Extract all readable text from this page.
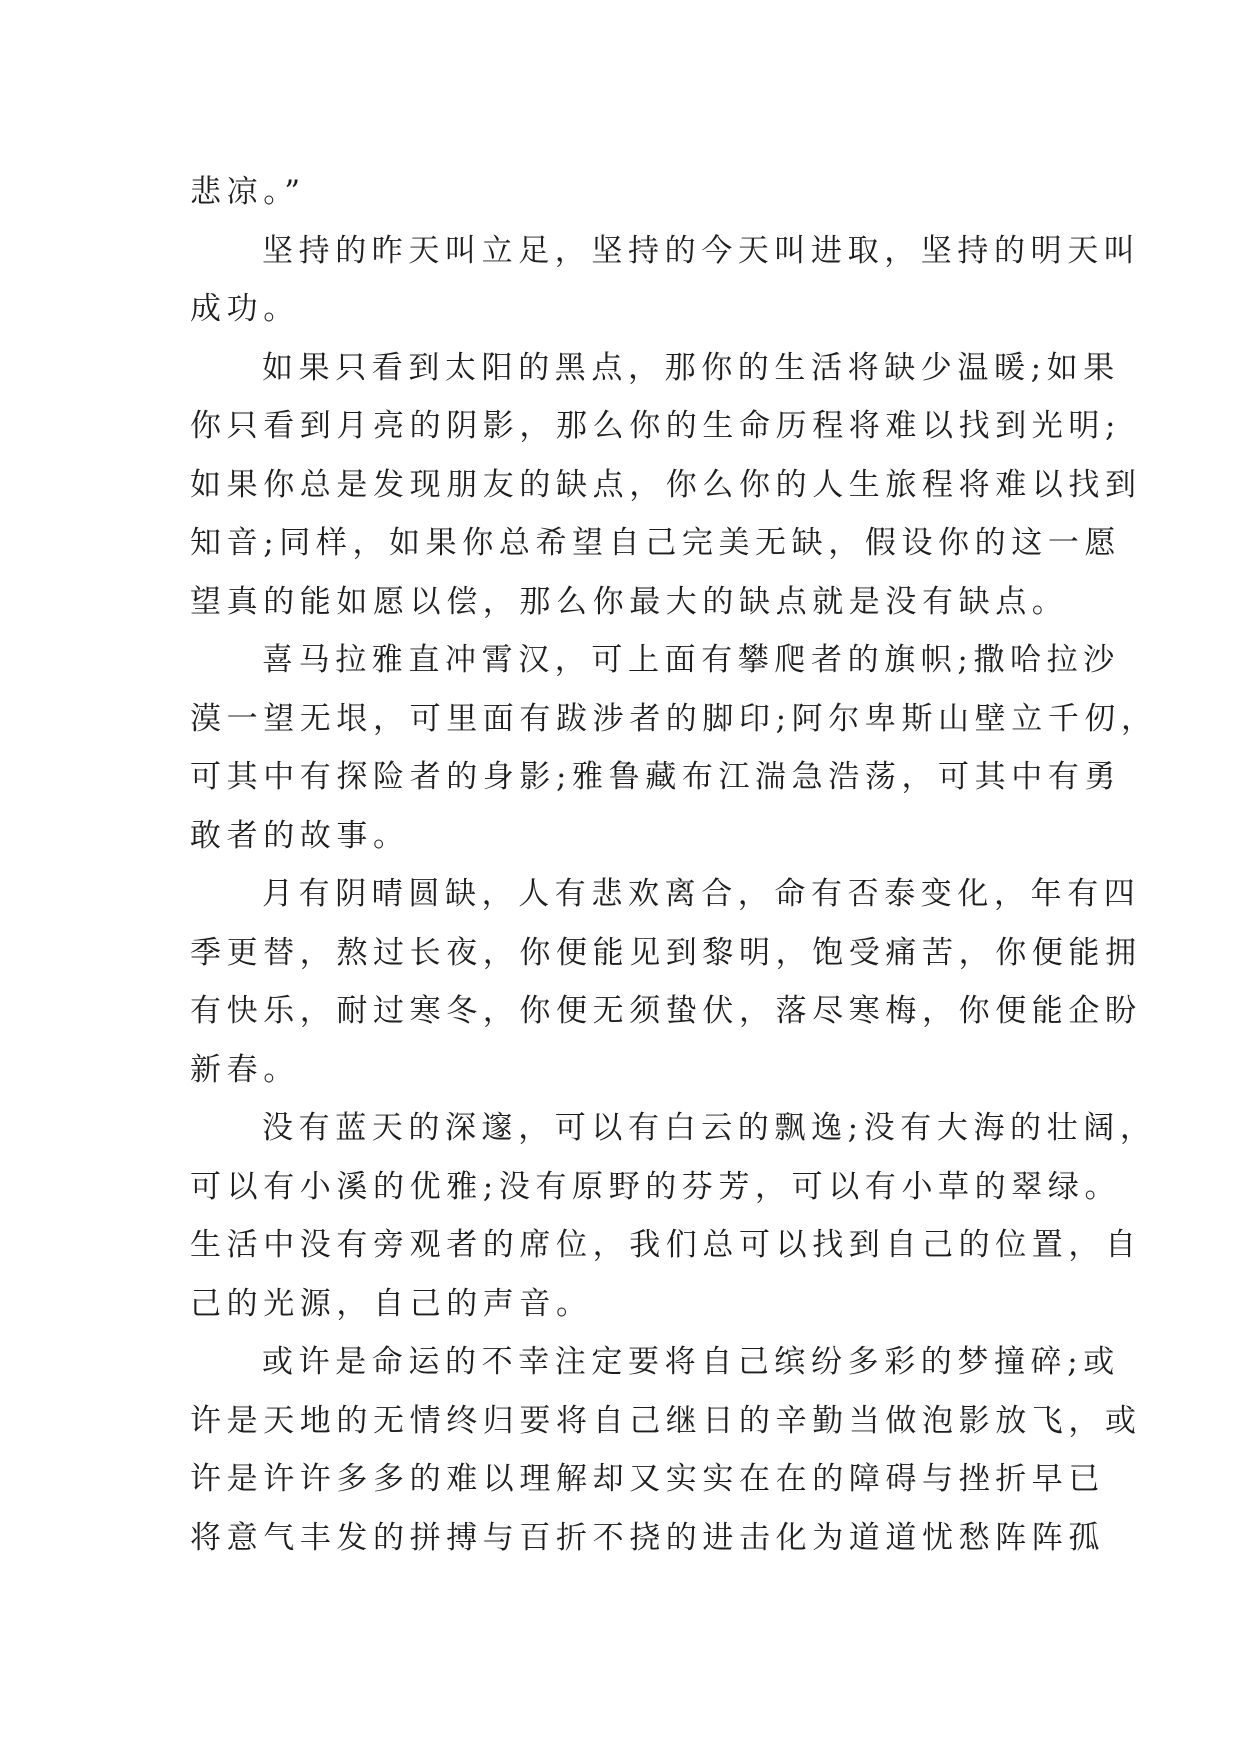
悲凉。”
坚持的昨天叫立足，坚持的今天叫进取，坚持的明天叫
成功。
如果只看到太阳的黑点，那你的生活将缺少温暖;如果
你只看到月亮的阴影，那么你的生命历程将难以找到光明;
如果你总是发现朋友的缺点，你么你的人生旅程将难以找到
知音;同样，如果你总希望自己完美无缺，假设你的这一愿
望真的能如愿以偿，那么你最大的缺点就是没有缺点。
喜马拉雅直冲霄汉，可上面有攀爬者的旗帜;撒哈拉沙
漠一望无垠，可里面有跋涉者的脚印;阿尔卑斯山壁立千仞，
可其中有探险者的身影;雅鲁藏布江湍急浩荡，可其中有勇
敢者的故事。
月有阴晴圆缺，人有悲欢离合，命有否泰变化，年有四
季更替，熬过长夜，你便能见到黎明，饱受痛苦，你便能拥
有快乐，耐过寒冬，你便无须蛰伏，落尽寒梅，你便能企盼
新春。
没有蓝天的深邃，可以有白云的飘逸;没有大海的壮阔，
可以有小溪的优雅;没有原野的芬芳，可以有小草的翠绿。
生活中没有旁观者的席位，我们总可以找到自己的位置，自
己的光源，自己的声音。
或许是命运的不幸注定要将自己缤纷多彩的梦撞碎;或
许是天地的无情终归要将自己继日的辛勤当做泡影放飞，或
许是许许多多的难以理解却又实实在在的障碍与挫折早已
将意气丰发的拼搏与百折不挠的进击化为道道忧愁阵阵孤
